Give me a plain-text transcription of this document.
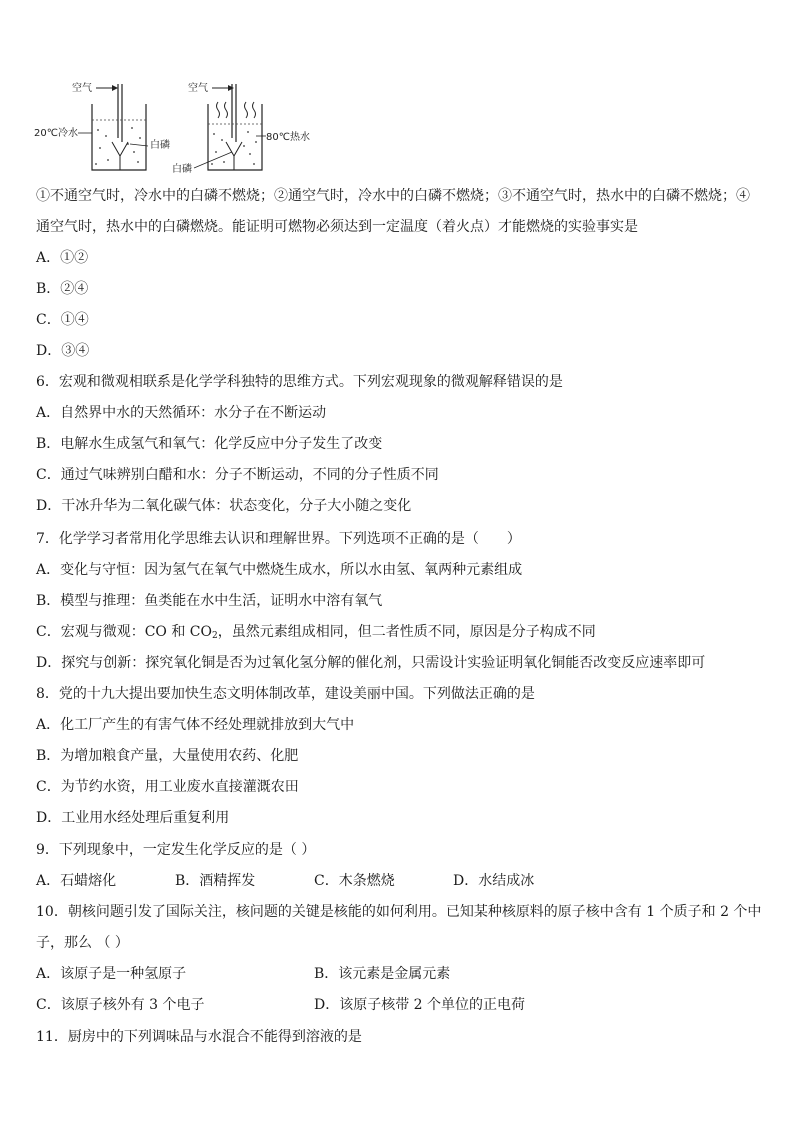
空气
20℃冷水
白磷
空气
80℃热水
白磷
①不通空气时，冷水中的白磷不燃烧；②通空气时，冷水中的白磷不燃烧；③不通空气时，热水中的白磷不燃烧；④
通空气时，热水中的白磷燃烧。能证明可燃物必须达到一定温度（着火点）才能燃烧的实验事实是
A．①②
B．②④
C．①④
D．③④
6．宏观和微观相联系是化学学科独特的思维方式。下列宏观现象的微观解释错误的是
A．自然界中水的天然循环：水分子在不断运动
B．电解水生成氢气和氧气：化学反应中分子发生了改变
C．通过气味辨别白醋和水：分子不断运动，不同的分子性质不同
D．干冰升华为二氧化碳气体：状态变化，分子大小随之变化
7．化学学习者常用化学思维去认识和理解世界。下列选项不正确的是（　　）
A．变化与守恒：因为氢气在氧气中燃烧生成水，所以水由氢、氧两种元素组成
B．模型与推理：鱼类能在水中生活，证明水中溶有氧气
C．宏观与微观：CO 和 $CO_2$，虽然元素组成相同，但二者性质不同，原因是分子构成不同
D．探究与创新：探究氧化铜是否为过氧化氢分解的催化剂，只需设计实验证明氧化铜能否改变反应速率即可
8．党的十九大提出要加快生态文明体制改革，建设美丽中国。下列做法正确的是
A．化工厂产生的有害气体不经处理就排放到大气中
B．为增加粮食产量，大量使用农药、化肥
C．为节约水资，用工业废水直接灌溉农田
D．工业用水经处理后重复利用
9．下列现象中，一定发生化学反应的是（ ）
A．石蜡熔化	B．酒精挥发	C．木条燃烧	D．水结成冰
10．朝核问题引发了国际关注，核问题的关键是核能的如何利用。已知某种核原料的原子核中含有 1 个质子和 2 个中
子，那么 （ ）
A．该原子是一种氢原子	B．该元素是金属元素
C．该原子核外有 3 个电子	D．该原子核带 2 个单位的正电荷
11．厨房中的下列调味品与水混合不能得到溶液的是
